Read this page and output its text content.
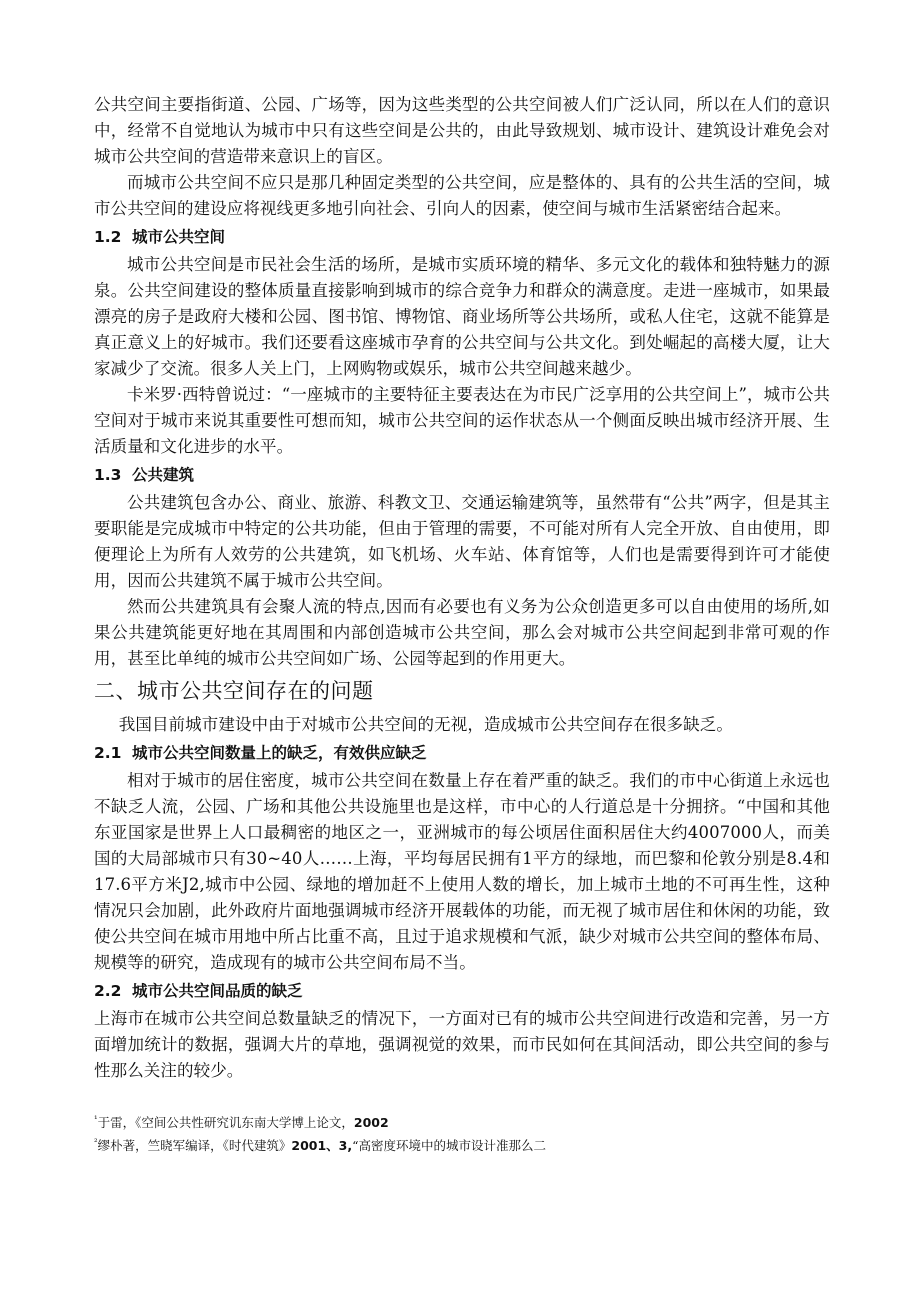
公共空间主要指街道、公园、广场等，因为这些类型的公共空间被人们广泛认同，所以在人们的意识中，经常不自觉地认为城市中只有这些空间是公共的，由此导致规划、城市设计、建筑设计难免会对城市公共空间的营造带来意识上的盲区。

而城市公共空间不应只是那几种固定类型的公共空间，应是整体的、具有的公共生活的空间，城市公共空间的建设应将视线更多地引向社会、引向人的因素，使空间与城市生活紧密结合起来。

1.2 城市公共空间

城市公共空间是市民社会生活的场所，是城市实质环境的精华、多元文化的载体和独特魅力的源泉。公共空间建设的整体质量直接影响到城市的综合竞争力和群众的满意度。走进一座城市，如果最漂亮的房子是政府大楼和公园、图书馆、博物馆、商业场所等公共场所，或私人住宅，这就不能算是真正意义上的好城市。我们还要看这座城市孕育的公共空间与公共文化。到处崛起的高楼大厦，让大家减少了交流。很多人关上门，上网购物或娱乐，城市公共空间越来越少。

卡米罗·西特曾说过：“一座城市的主要特征主要表达在为市民广泛享用的公共空间上”，城市公共空间对于城市来说其重要性可想而知，城市公共空间的运作状态从一个侧面反映出城市经济开展、生活质量和文化进步的水平。

1.3 公共建筑

公共建筑包含办公、商业、旅游、科教文卫、交通运输建筑等，虽然带有“公共”两字，但是其主要职能是完成城市中特定的公共功能，但由于管理的需要，不可能对所有人完全开放、自由使用，即便理论上为所有人效劳的公共建筑，如飞机场、火车站、体育馆等，人们也是需要得到许可才能使用，因而公共建筑不属于城市公共空间。

然而公共建筑具有会聚人流的特点,因而有必要也有义务为公众创造更多可以自由使用的场所,如果公共建筑能更好地在其周围和内部创造城市公共空间，那么会对城市公共空间起到非常可观的作用，甚至比单纯的城市公共空间如广场、公园等起到的作用更大。

二、城市公共空间存在的问题

我国目前城市建设中由于对城市公共空间的无视，造成城市公共空间存在很多缺乏。

2.1 城市公共空间数量上的缺乏，有效供应缺乏

相对于城市的居住密度，城市公共空间在数量上存在着严重的缺乏。我们的市中心街道上永远也不缺乏人流，公园、广场和其他公共设施里也是这样，市中心的人行道总是十分拥挤。“中国和其他东亚国家是世界上人口最稠密的地区之一，亚洲城市的每公顷居住面积居住大约4007000人，而美国的大局部城市只有30~40人……上海，平均每居民拥有1平方的绿地，而巴黎和伦敦分别是8.4和17.6平方米J2,城市中公园、绿地的增加赶不上使用人数的增长，加上城市土地的不可再生性，这种情况只会加剧，此外政府片面地强调城市经济开展载体的功能，而无视了城市居住和休闲的功能，致使公共空间在城市用地中所占比重不高，且过于追求规模和气派，缺少对城市公共空间的整体布局、规模等的研究，造成现有的城市公共空间布局不当。

2.2 城市公共空间品质的缺乏

上海市在城市公共空间总数量缺乏的情况下，一方面对已有的城市公共空间进行改造和完善，另一方面增加统计的数据，强调大片的草地，强调视觉的效果，而市民如何在其间活动，即公共空间的参与性那么关注的较少。

$^{^1}$于雷，《空间公共性研究讥东南大学博上论文，2002
$^{^2}$缪朴著，竺晓军编译，《时代建筑》2001、3,“高密度环境中的城市设计准那么二
